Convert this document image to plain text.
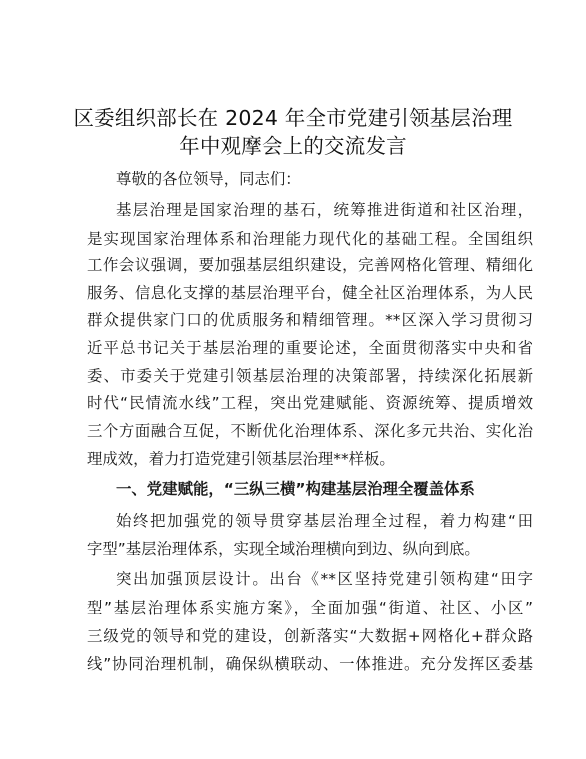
区委组织部长在 2024 年全市党建引领基层治理
年中观摩会上的交流发言
尊敬的各位领导，同志们：
基层治理是国家治理的基石，统筹推进街道和社区治理，
是实现国家治理体系和治理能力现代化的基础工程。全国组织
工作会议强调，要加强基层组织建设，完善网格化管理、精细化
服务、信息化支撑的基层治理平台，健全社区治理体系，为人民
群众提供家门口的优质服务和精细管理。**区深入学习贯彻习
近平总书记关于基层治理的重要论述，全面贯彻落实中央和省
委、市委关于党建引领基层治理的决策部署，持续深化拓展新
时代“民情流水线”工程，突出党建赋能、资源统筹、提质增效
三个方面融合互促，不断优化治理体系、深化多元共治、实化治
理成效，着力打造党建引领基层治理**样板。
一、党建赋能，“三纵三横”构建基层治理全覆盖体系
始终把加强党的领导贯穿基层治理全过程，着力构建“田
字型”基层治理体系，实现全域治理横向到边、纵向到底。
突出加强顶层设计。出台《**区坚持党建引领构建“田字
型”基层治理体系实施方案》，全面加强“街道、社区、小区”
三级党的领导和党的建设，创新落实“大数据+网格化+群众路
线”协同治理机制，确保纵横联动、一体推进。充分发挥区委基
